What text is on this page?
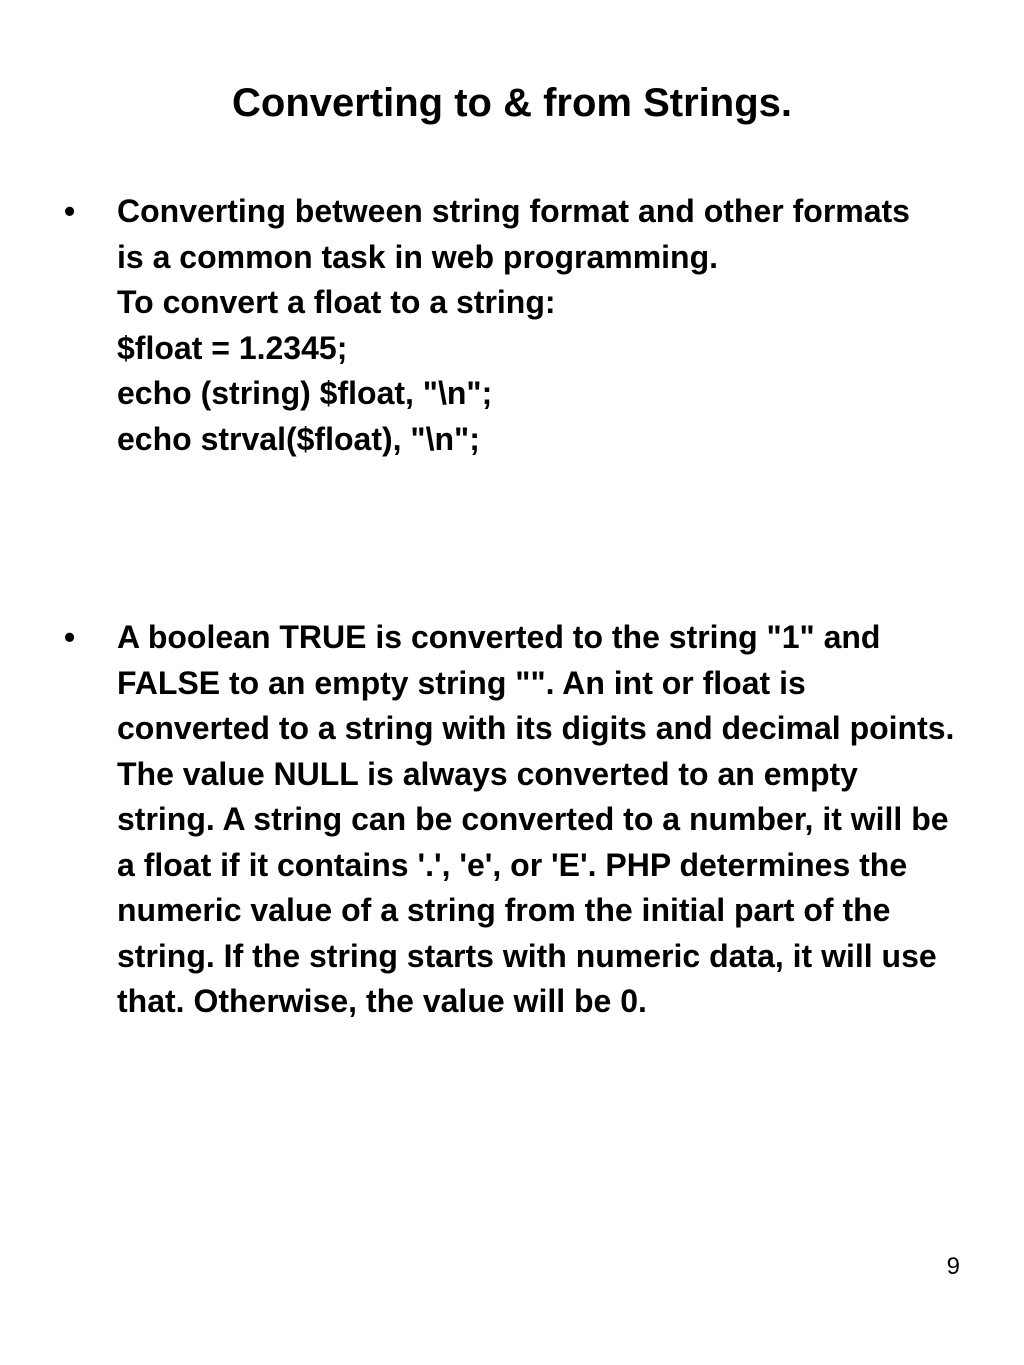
Converting to & from Strings.
• Converting between string format and other formats is a common task in web programming.
To convert a float to a string:
$float = 1.2345;
echo (string) $float, "\n";
echo strval($float), "\n";
• A boolean TRUE is converted to the string "1" and FALSE to an empty string "". An int or float is converted to a string with its digits and decimal points. The value NULL is always converted to an empty string. A string can be converted to a number, it will be a float if it contains '.', 'e', or 'E'. PHP determines the numeric value of a string from the initial part of the string. If the string starts with numeric data, it will use that. Otherwise, the value will be 0.
9
